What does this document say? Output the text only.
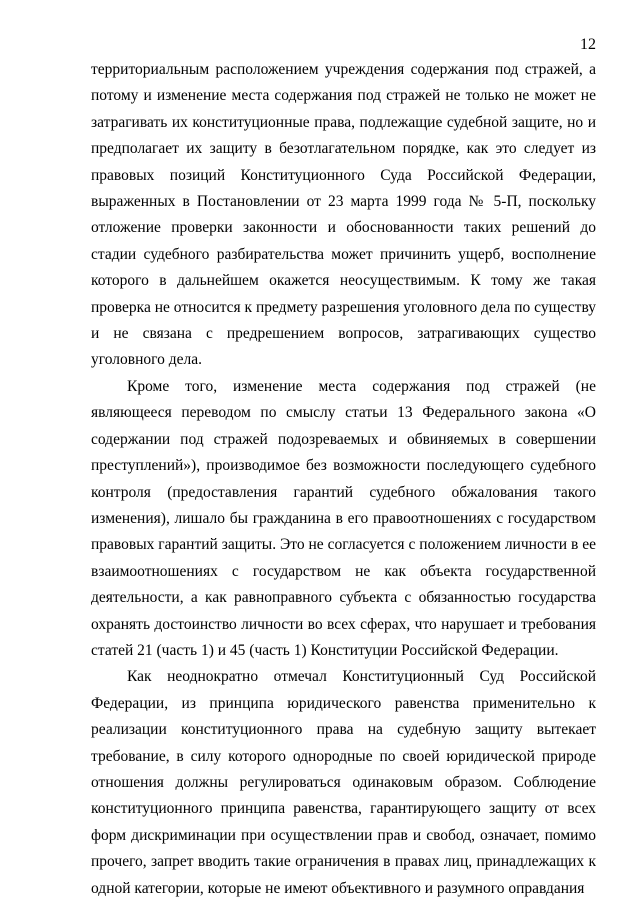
12

территориальным расположением учреждения содержания под стражей, а потому и изменение места содержания под стражей не только не может не затрагивать их конституционные права, подлежащие судебной защите, но и предполагает их защиту в безотлагательном порядке, как это следует из правовых позиций Конституционного Суда Российской Федерации, выраженных в Постановлении от 23 марта 1999 года № 5-П, поскольку отложение проверки законности и обоснованности таких решений до стадии судебного разбирательства может причинить ущерб, восполнение которого в дальнейшем окажется неосуществимым. К тому же такая проверка не относится к предмету разрешения уголовного дела по существу и не связана с предрешением вопросов, затрагивающих существо уголовного дела.

Кроме того, изменение места содержания под стражей (не являющееся переводом по смыслу статьи 13 Федерального закона «О содержании под стражей подозреваемых и обвиняемых в совершении преступлений»), производимое без возможности последующего судебного контроля (предоставления гарантий судебного обжалования такого изменения), лишало бы гражданина в его правоотношениях с государством правовых гарантий защиты. Это не согласуется с положением личности в ее взаимоотношениях с государством не как объекта государственной деятельности, а как равноправного субъекта с обязанностью государства охранять достоинство личности во всех сферах, что нарушает и требования статей 21 (часть 1) и 45 (часть 1) Конституции Российской Федерации.

Как неоднократно отмечал Конституционный Суд Российской Федерации, из принципа юридического равенства применительно к реализации конституционного права на судебную защиту вытекает требование, в силу которого однородные по своей юридической природе отношения должны регулироваться одинаковым образом. Соблюдение конституционного принципа равенства, гарантирующего защиту от всех форм дискриминации при осуществлении прав и свобод, означает, помимо прочего, запрет вводить такие ограничения в правах лиц, принадлежащих к одной категории, которые не имеют объективного и разумного оправдания
